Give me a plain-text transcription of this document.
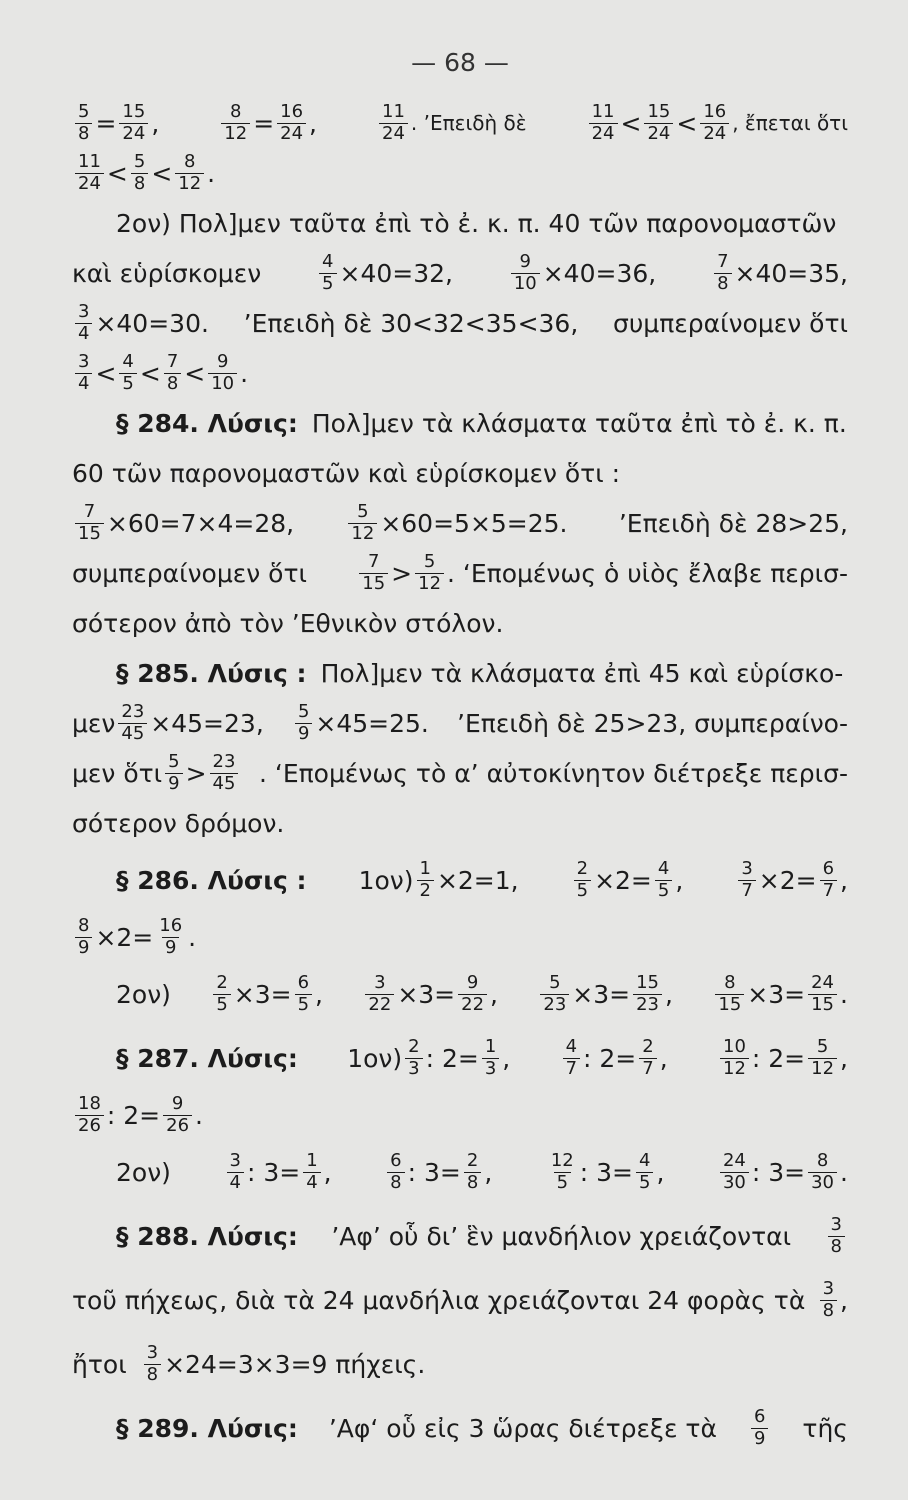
— 68 —
$\frac{5}{8} = \frac{15}{24}$ ,	$\frac{8}{12} = \frac{16}{24}$ ,	$\frac{11}{24}$ . ’Επειδὴ δὲ	$\frac{11}{24} < \frac{15}{24} < \frac{16}{24}$ , ἔπεται ὅτι
$\frac{11}{24} < \frac{5}{8} < \frac{8}{12}$ .
2ον) Πολ]μεν ταῦτα ἐπὶ τὸ ἐ. κ. π. 40 τῶν παρονομαστῶν
καὶ εὑρίσκομεν	$\frac{4}{5} \times 40=32$,	$\frac{9}{10} \times 40=36$,	$\frac{7}{8} \times 40=35$,
$\frac{3}{4} \times 40=30$. ’Επειδὴ δὲ 30<32<35<36, συμπεραίνομεν ὅτι
$\frac{3}{4} < \frac{4}{5} < \frac{7}{8} < \frac{9}{10}$ .
§ 284. Λύσις: Πολ]μεν τὰ κλάσματα ταῦτα ἐπὶ τὸ ἐ. κ. π.
60 τῶν παρονομαστῶν καὶ εὑρίσκομεν ὅτι :
$\frac{7}{15} \times 60=7\times 4=28$,	$\frac{5}{12} \times 60=5\times 5=25$. ’Επειδὴ δὲ 28>25,
συμπεραίνομεν ὅτι	$\frac{7}{15} > \frac{5}{12}$ . ‘Επομένως ὁ υἱὸς ἔλαβε περισ-
σότερον ἀπὸ τὸν ’Εθνικὸν στόλον.
§ 285. Λύσις : Πολ]μεν τὰ κλάσματα ἐπὶ 45 καὶ εὑρίσκο-
μεν $\frac{23}{45} \times 45=23$, $\frac{5}{9} \times 45=25$. ’Επειδὴ δὲ 25>23, συμπεραίνο-
μεν ὅτι $\frac{5}{9} > \frac{23}{45}$ . ‘Επομένως τὸ α’ αὐτοκίνητον διέτρεξε περισ-
σότερον δρόμον.
§ 286. Λύσις : $1o\nu) \frac{1}{2} \times 2=1$,	$\frac{2}{5} \times 2= \frac{4}{5}$ ,	$\frac{3}{7} \times 2= \frac{6}{7}$ ,
$\frac{8}{9} \times 2= \frac{16}{9}$ .
$2o\nu) \frac{2}{5} \times 3= \frac{6}{5}$ , $\frac{3}{22} \times 3= \frac{9}{22}$ , $\frac{5}{23} \times 3= \frac{15}{23}$ , $\frac{8}{15} \times 3= \frac{24}{15}$ .
§ 287. Λύσις: $1o\nu) \frac{2}{3}$ : $2= \frac{1}{3}$ ,	$\frac{4}{7}$ : $2= \frac{2}{7}$ ,	$\frac{10}{12}$ : $2= \frac{5}{12}$ ,
$\frac{18}{26}$ : $2= \frac{9}{26}$ .
2ον)	$\frac{3}{4}$ : $3= \frac{1}{4}$ ,	$\frac{6}{8}$ : $3= \frac{2}{8}$ ,	$\frac{12}{5}$ : $3= \frac{4}{5}$ ,	$\frac{24}{30}$ : $3= \frac{8}{30}$ .
§ 288. Λύσις: ’Αφ’ οὗ δι’ ἓν μανδήλιον χρειάζονται $\frac{3}{8}$
τοῦ πήχεως, διὰ τὰ 24 μανδήλια χρειάζονται 24 φορὰς τὰ $\frac{3}{8}$ ,
ἤτοι $\frac{3}{8} \times 24=3\times 3=9$ πήχεις.
§ 289. Λύσις: ’Αφ‘ οὗ εἰς 3 ὥρας διέτρεξε τὰ $\frac{6}{9}$ τῆς
